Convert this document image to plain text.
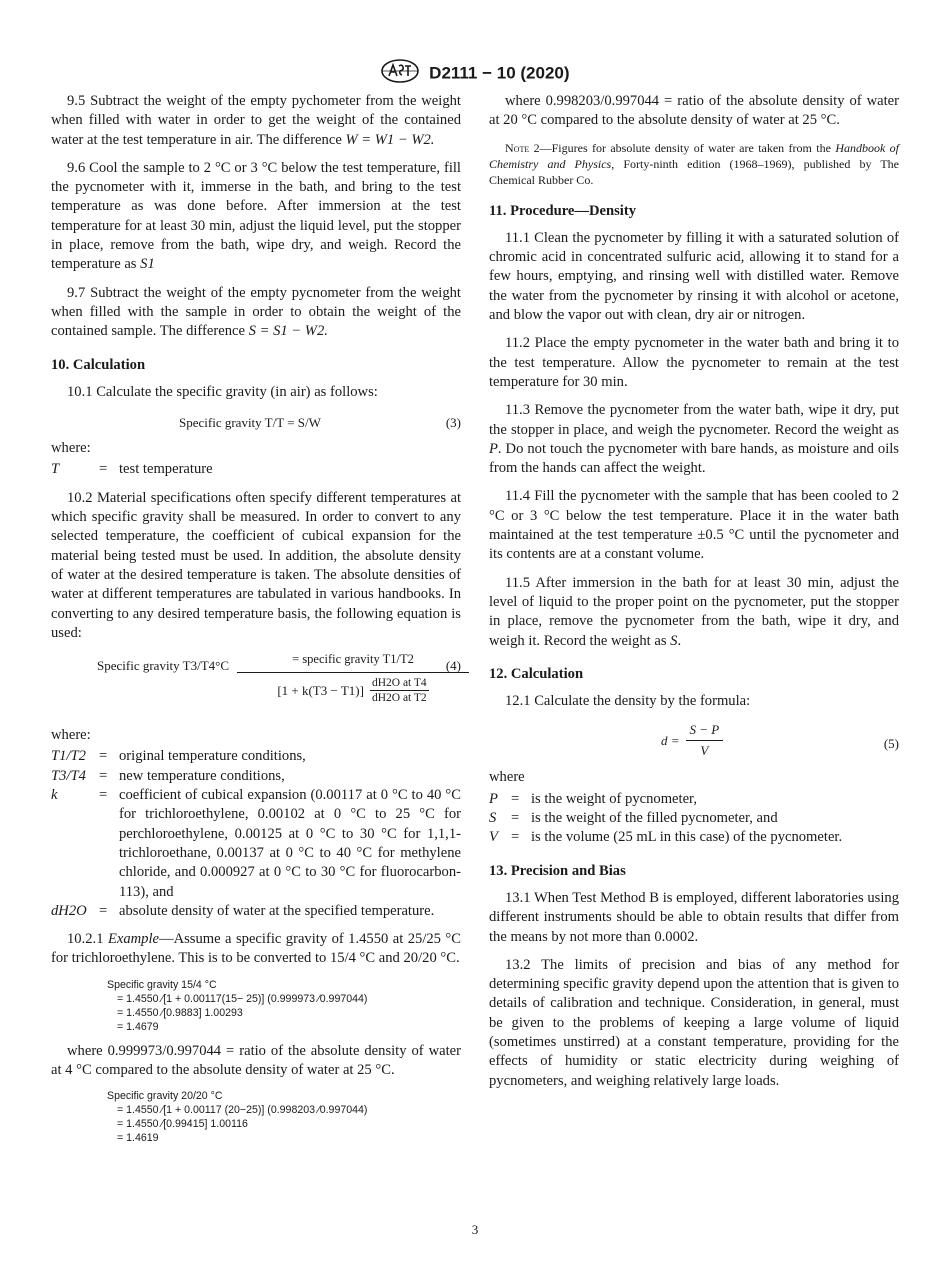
D2111 − 10 (2020)

9.5 Subtract the weight of the empty pychometer from the weight when filled with water in order to get the weight of the contained water at the test temperature in air. The difference W = W1 − W2.

9.6 Cool the sample to 2 °C or 3 °C below the test temperature, fill the pycnometer with it, immerse in the bath, and bring to the test temperature as was done before. After immersion at the test temperature for at least 30 min, adjust the liquid level, put the stopper in place, remove from the bath, wipe dry, and weigh. Record the temperature as S1

9.7 Subtract the weight of the empty pycnometer from the weight when filled with the sample in order to obtain the weight of the contained sample. The difference S = S1 − W2.

10. Calculation

10.1 Calculate the specific gravity (in air) as follows:

Specific gravity T/T = S/W	(3)
where:
T	= test temperature

10.2 Material specifications often specify different temperatures at which specific gravity shall be measured. In order to convert to any selected temperature, the coefficient of cubical expansion for the material being tested must be used. In addition, the absolute density of water at the desired temperature is taken. The absolute densities of water at different temperatures are tabulated in various handbooks. In converting to any desired temperature basis, the following equation is used:

Specific gravity T3/T4°C	= specific gravity T1/T2
[1 + k(T3 − T1)] dH2O at T4
dH2O at T2
(4)
where:
T1/T2 = original temperature conditions,
T3/T4 = new temperature conditions,
k	= coefficient of cubical expansion (0.00117 at 0 °C to 40 °C for trichloroethylene, 0.00102 at 0 °C to 25 °C for perchloroethylene, 0.00125 at 0 °C to 30 °C for 1,1,1-trichloroethane, 0.00137 at 0 °C to 40 °C for methylene chloride, and 0.000927 at 0 °C to 30 °C for fluorocarbon-113), and
dH2O = absolute density of water at the specified temperature.

10.2.1 Example—Assume a specific gravity of 1.4550 at 25/25 °C for trichloroethylene. This is to be converted to 15/4 °C and 20/20 °C.

Specific gravity 15/4 °C
= 1.4550 ⁄[1 + 0.00117(15− 25)] (0.999973 ⁄0.997044)
= 1.4550 ⁄[0.9883] 1.00293
= 1.4679

where 0.999973/0.997044 = ratio of the absolute density of water at 4 °C compared to the absolute density of water at 25 °C.

Specific gravity 20/20 °C
= 1.4550 ⁄[1 + 0.00117 (20−25)] (0.998203 ⁄0.997044)
= 1.4550 ⁄[0.99415] 1.00116
= 1.4619

where 0.998203/0.997044 = ratio of the absolute density of water at 20 °C compared to the absolute density of water at 25 °C.

Note 2—Figures for absolute density of water are taken from the Handbook of Chemistry and Physics, Forty-ninth edition (1968–1969), published by The Chemical Rubber Co.
11. Procedure—Density

11.1 Clean the pycnometer by filling it with a saturated solution of chromic acid in concentrated sulfuric acid, allowing it to stand for a few hours, emptying, and rinsing well with distilled water. Remove the water from the pycnometer by rinsing it with alcohol or acetone, and blow the vapor out with clean, dry air or nitrogen.

11.2 Place the empty pycnometer in the water bath and bring it to the test temperature. Allow the pycnometer to remain at the test temperature for 30 min.

11.3 Remove the pycnometer from the water bath, wipe it dry, put the stopper in place, and weigh the pycnometer. Record the weight as P. Do not touch the pycnometer with bare hands, as moisture and oils from the hands can affect the weight.

11.4 Fill the pycnometer with the sample that has been cooled to 2 °C or 3 °C below the test temperature. Place it in the water bath maintained at the test temperature ±0.5 °C until the pycnometer and its contents are at a constant volume.

11.5 After immersion in the bath for at least 30 min, adjust the level of liquid to the proper point on the pycnometer, put the stopper in place, remove the pycnometer from the bath, wipe it dry, and weigh it. Record the weight as S.

12. Calculation

12.1 Calculate the density by the formula:

$d = \frac{S - P}{V}$	(5)
where
P = is the weight of pycnometer,
S	= is the weight of the filled pycnometer, and
V = is the volume (25 mL in this case) of the pycnometer.
13. Precision and Bias

13.1 When Test Method B is employed, different laboratories using different instruments should be able to obtain results that differ from the means by not more than 0.0002.

13.2 The limits of precision and bias of any method for determining specific gravity depend upon the attention that is given to details of calibration and technique. Consideration, in general, must be given to the problems of keeping a large volume of liquid (sometimes unstirred) at a constant temperature, providing for the effects of humidity or static electricity during weighing of pycnometers, and weighing relatively large loads.

3
